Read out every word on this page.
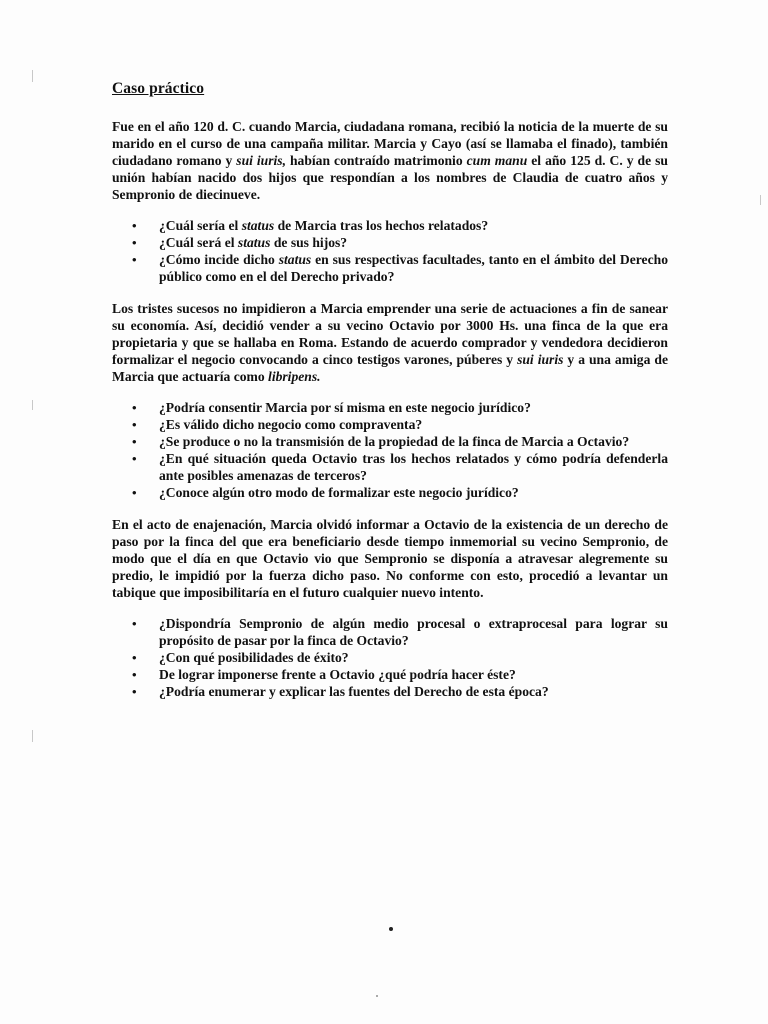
Caso práctico

Fue en el año 120 d. C. cuando Marcia, ciudadana romana, recibió la noticia de la muerte de su marido en el curso de una campaña militar. Marcia y Cayo (así se llamaba el finado), también ciudadano romano y sui iuris, habían contraído matrimonio cum manu el año 125 d. C. y de su unión habían nacido dos hijos que respondían a los nombres de Claudia de cuatro años y Sempronio de diecinueve.

• ¿Cuál sería el status de Marcia tras los hechos relatados?
• ¿Cuál será el status de sus hijos?
• ¿Cómo incide dicho status en sus respectivas facultades, tanto en el ámbito del Derecho público como en el del Derecho privado?

Los tristes sucesos no impidieron a Marcia emprender una serie de actuaciones a fin de sanear su economía. Así, decidió vender a su vecino Octavio por 3000 Hs. una finca de la que era propietaria y que se hallaba en Roma. Estando de acuerdo comprador y vendedora decidieron formalizar el negocio convocando a cinco testigos varones, púberes y sui iuris y a una amiga de Marcia que actuaría como libripens.

• ¿Podría consentir Marcia por sí misma en este negocio jurídico?
• ¿Es válido dicho negocio como compraventa?
• ¿Se produce o no la transmisión de la propiedad de la finca de Marcia a Octavio?
• ¿En qué situación queda Octavio tras los hechos relatados y cómo podría defenderla ante posibles amenazas de terceros?
• ¿Conoce algún otro modo de formalizar este negocio jurídico?

En el acto de enajenación, Marcia olvidó informar a Octavio de la existencia de un derecho de paso por la finca del que era beneficiario desde tiempo inmemorial su vecino Sempronio, de modo que el día en que Octavio vio que Sempronio se disponía a atravesar alegremente su predio, le impidió por la fuerza dicho paso. No conforme con esto, procedió a levantar un tabique que imposibilitaría en el futuro cualquier nuevo intento.

• ¿Dispondría Sempronio de algún medio procesal o extraprocesal para lograr su propósito de pasar por la finca de Octavio?
• ¿Con qué posibilidades de éxito?
• De lograr imponerse frente a Octavio ¿qué podría hacer éste?
• ¿Podría enumerar y explicar las fuentes del Derecho de esta época?
